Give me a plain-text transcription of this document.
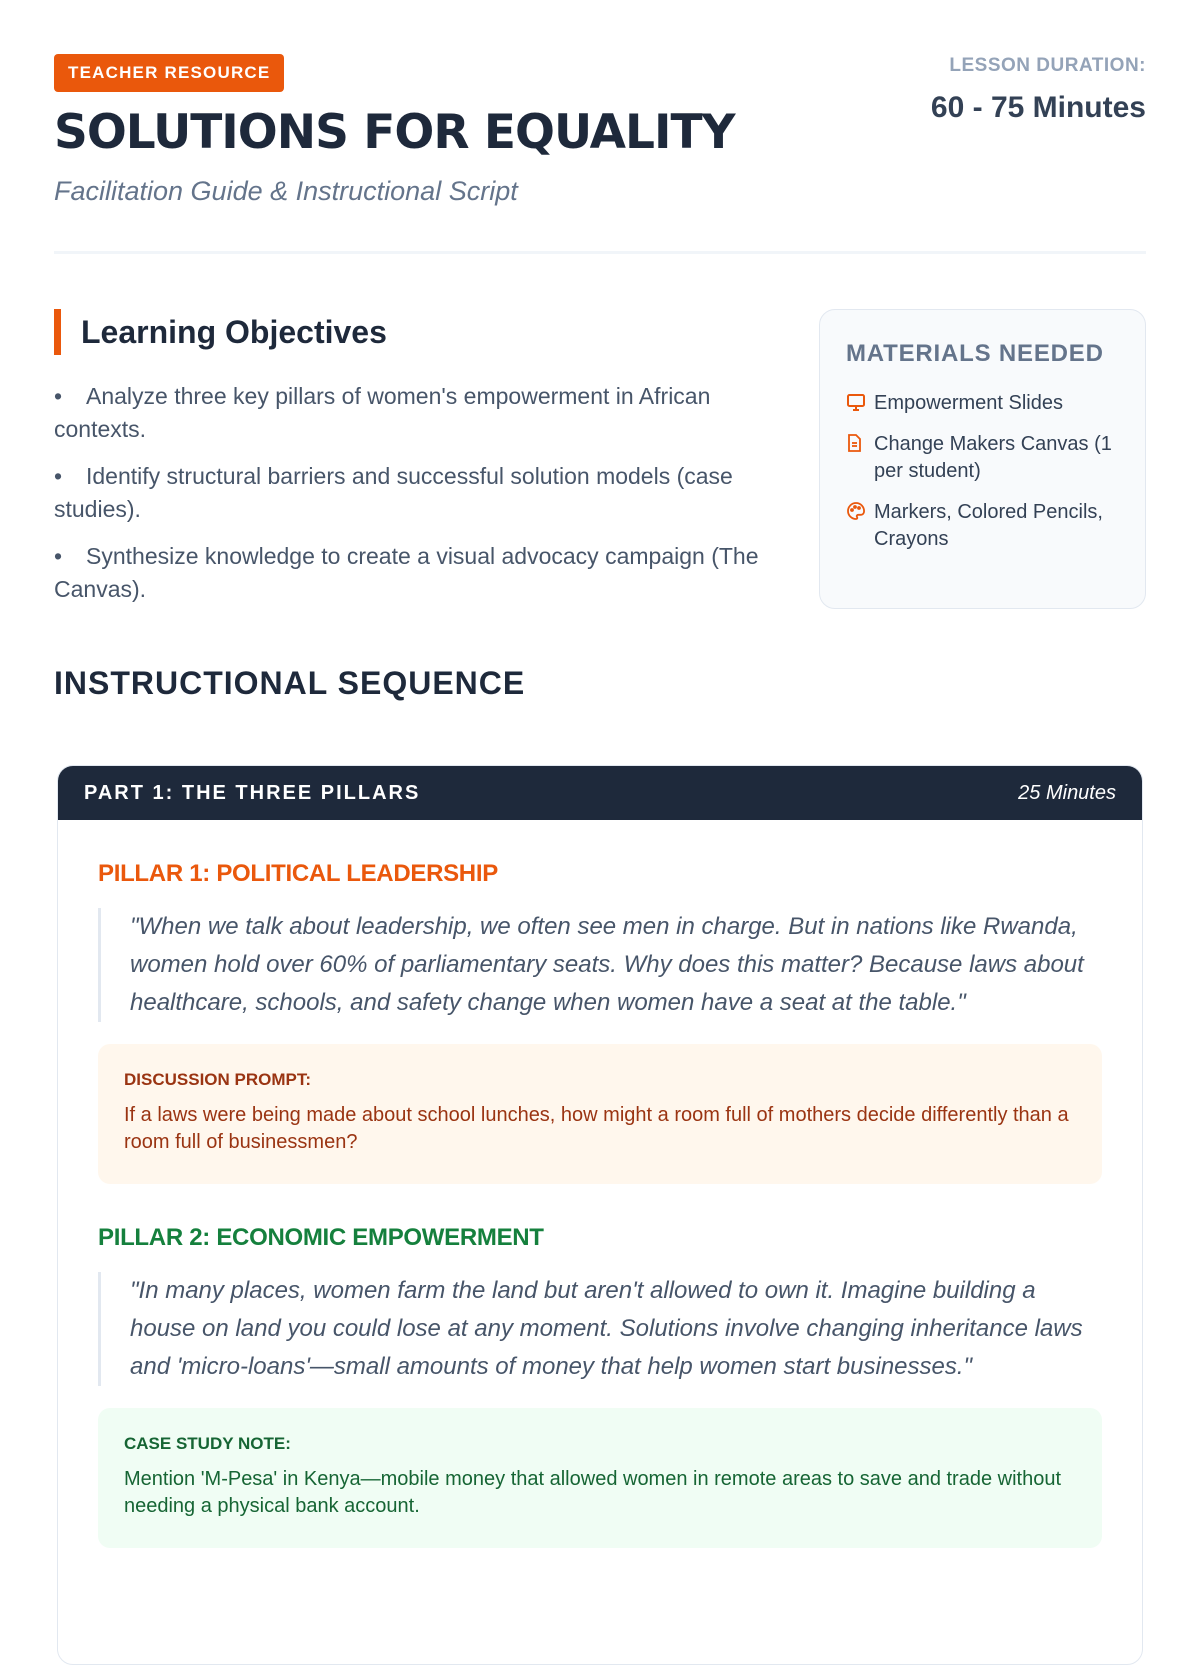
TEACHER RESOURCE
SOLUTIONS FOR EQUALITY
Facilitation Guide & Instructional Script
LESSON DURATION:
60 - 75 Minutes
Learning Objectives
• Analyze three key pillars of women's empowerment in African contexts.
• Identify structural barriers and successful solution models (case studies).
• Synthesize knowledge to create a visual advocacy campaign (The Canvas).
MATERIALS NEEDED
Empowerment Slides
Change Makers Canvas (1 per student)
Markers, Colored Pencils, Crayons
INSTRUCTIONAL SEQUENCE
PART 1: THE THREE PILLARS	25 Minutes
PILLAR 1: POLITICAL LEADERSHIP
"When we talk about leadership, we often see men in charge. But in nations like Rwanda, women hold over 60% of parliamentary seats. Why does this matter? Because laws about healthcare, schools, and safety change when women have a seat at the table."
DISCUSSION PROMPT:
If a laws were being made about school lunches, how might a room full of mothers decide differently than a room full of businessmen?
PILLAR 2: ECONOMIC EMPOWERMENT
"In many places, women farm the land but aren't allowed to own it. Imagine building a house on land you could lose at any moment. Solutions involve changing inheritance laws and 'micro-loans'—small amounts of money that help women start businesses."
CASE STUDY NOTE:
Mention 'M-Pesa' in Kenya—mobile money that allowed women in remote areas to save and trade without needing a physical bank account.
